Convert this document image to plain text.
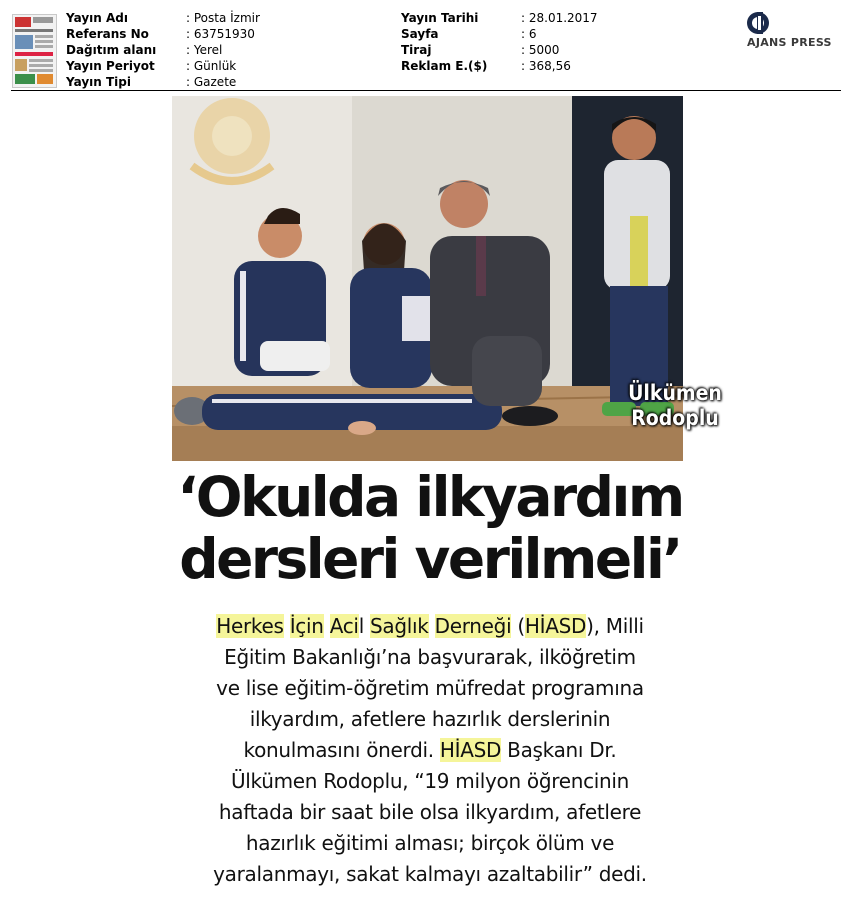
Yayın Adı	: Posta İzmir
Referans No	: 63751930
Dağıtım alanı	: Yerel
Yayın Periyot	: Günlük
Yayın Tipi	: Gazete
Yayın Tarihi	: 28.01.2017
Sayfa	: 6
Tiraj	: 5000
Reklam E.($)	: 368,56
AJANS PRESS
Ülkümen
Rodoplu
‘Okulda ilkyardım
dersleri verilmeli’
Herkes İçin Acil Sağlık Derneği (HİASD), Milli
Eğitim Bakanlığı’na başvurarak, ilköğretim
ve lise eğitim-öğretim müfredat programına
ilkyardım, afetlere hazırlık derslerinin
konulmasını önerdi. HİASD Başkanı Dr.
Ülkümen Rodoplu, “19 milyon öğrencinin
haftada bir saat bile olsa ilkyardım, afetlere
hazırlık eğitimi alması; birçok ölüm ve
yaralanmayı, sakat kalmayı azaltabilir” dedi.
